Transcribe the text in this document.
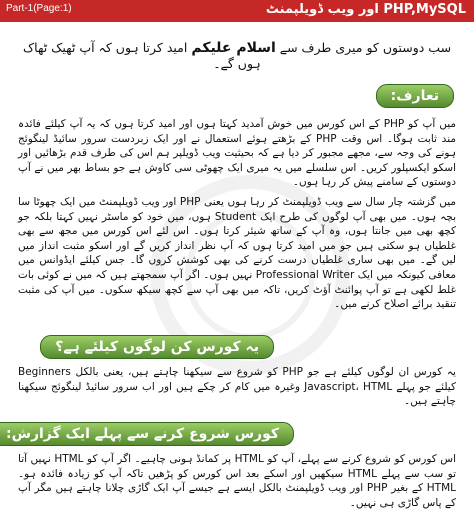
PHP,MySQL اور ویب ڈویلپمنٹ
Part-1(Page:1)
سب دوستوں کو میری طرف سے اسلام علیکم امید کرتا ہوں کہ آپ ٹھیک ٹھاک ہوں گے۔
تعارف:

میں آپ کو PHP کے اس کورس میں خوش آمدید کہتا ہوں اور امید کرتا ہوں کہ یہ آپ کیلئے فائدہ مند ثابت ہوگا۔ اس وقت PHP کے بڑھتے ہوئے استعمال نے اور ایک زبردست سرور سائیڈ لینگوئج ہونے کی وجہ سے، مجھے مجبور کر دیا ہے کہ بحیثیت ویب ڈویلپر ہم اس کی طرف قدم بڑھائیں اور اسکو ایکسپلور کریں۔ اس سلسلے میں یہ میری ایک چھوٹی سی کاوش ہے جو بساط بھر میں نے آپ دوستوں کے سامنے پیش کر رہا ہوں۔

میں گزشتہ چار سال سے ویب ڈویلپمنٹ کر رہا ہوں یعنی PHP اور ویب ڈویلپمنٹ میں ایک چھوٹا سا بچہ ہوں۔ میں بھی آپ لوگوں کی طرح ایک Student ہوں، میں خود کو ماسٹر نہیں کہتا بلکہ جو کچھ بھی میں جانتا ہوں، وہ آپ کے ساتھ شیئر کرتا ہوں۔ اس لئے اس کورس میں مجھ سے بھی غلطیاں ہو سکتی ہیں جو میں امید کرتا ہوں کہ آپ نظر انداز کریں گے اور اسکو مثبت انداز میں لیں گے۔ میں بھی ساری غلطیاں درست کرنے کی بھی کوشش کروں گا۔ جس کیلئے ایڈوانس میں معافی کیونکہ میں ایک Professional Writer نہیں ہوں۔ اگر آپ سمجھتے ہیں کہ میں نے کوئی بات غلط لکھی ہے تو آپ پوائنٹ آؤٹ کریں، تاکہ میں بھی آپ سے کچھ سیکھ سکوں۔ میں آپ کی مثبت تنقید برائے اصلاح کرنے میں۔

یہ کورس کن لوگوں کیلئے ہے؟

یہ کورس ان لوگوں کیلئے ہے جو PHP کو شروع سے سیکھنا چاہتے ہیں، یعنی بالکل Beginners کیلئے جو پہلے Javascript، HTML وغیرہ میں کام کر چکے ہیں اور اب سرور سائیڈ لینگوئج سیکھنا چاہتے ہیں۔

کورس شروع کرنے سے پہلے ایک گزارش:

اس کورس کو شروع کرنے سے پہلے، آپ کو HTML پر کمانڈ ہونی چاہیے۔ اگر آپ کو HTML نہیں آتا تو سب سے پہلے HTML سیکھیں اور اسکے بعد اس کورس کو پڑھیں تاکہ آپ کو زیادہ فائدہ ہو۔ HTML کے بغیر PHP اور ویب ڈویلپمنٹ بالکل ایسے ہے جیسے آپ ایک گاڑی چلانا چاہتے ہیں مگر آپ کے پاس گاڑی ہی نہیں۔
